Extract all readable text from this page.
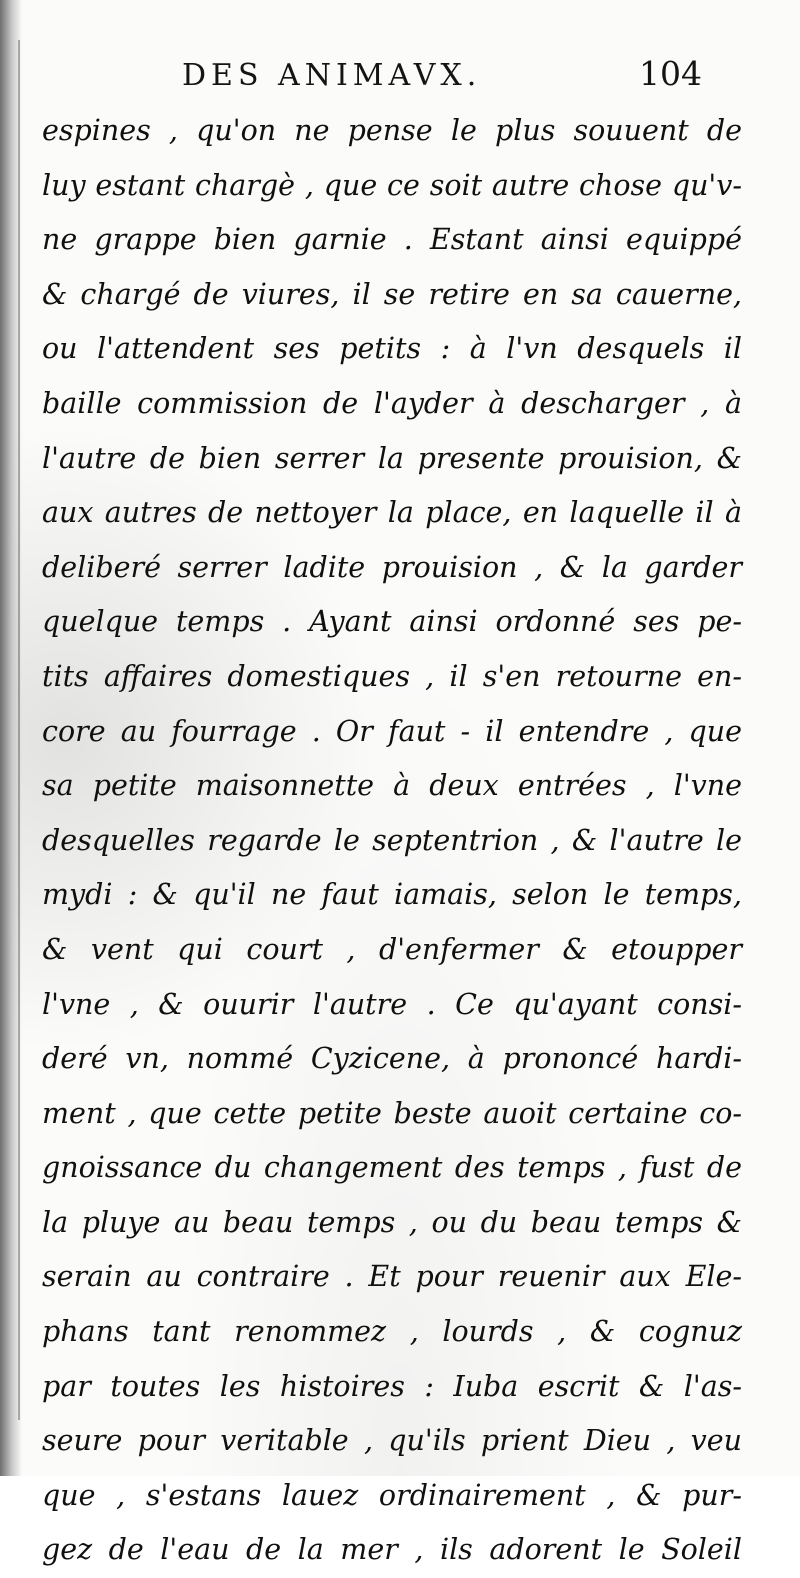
DES ANIMAVX.	104
espines , qu'on ne pense le plus souuent de
luy estant chargè , que ce soit autre chose qu'v-
ne grappe bien garnie . Estant ainsi equippé
& chargé de viures, il se retire en sa cauerne,
ou l'attendent ses petits : à l'vn desquels il
baille commission de l'ayder à descharger , à
l'autre de bien serrer la presente prouision, &
aux autres de nettoyer la place, en laquelle il à
deliberé serrer ladite prouision , & la garder
quelque temps . Ayant ainsi ordonné ses pe-
tits affaires domestiques , il s'en retourne en-
core au fourrage . Or faut - il entendre , que
sa petite maisonnette à deux entrées , l'vne
desquelles regarde le septentrion , & l'autre le
mydi : & qu'il ne faut iamais, selon le temps,
& vent qui court , d'enfermer & etoupper
l'vne , & ouurir l'autre . Ce qu'ayant consi-
deré vn, nommé Cyzicene, à prononcé hardi-
ment , que cette petite beste auoit certaine co-
gnoissance du changement des temps , fust de
la pluye au beau temps , ou du beau temps &
serain au contraire . Et pour reuenir aux Ele-
phans tant renommez , lourds , & cognuz
par toutes les histoires : Iuba escrit & l'as-
seure pour veritable , qu'ils prient Dieu , veu
que , s'estans lauez ordinairement , & pur-
gez de l'eau de la mer , ils adorent le Soleil
